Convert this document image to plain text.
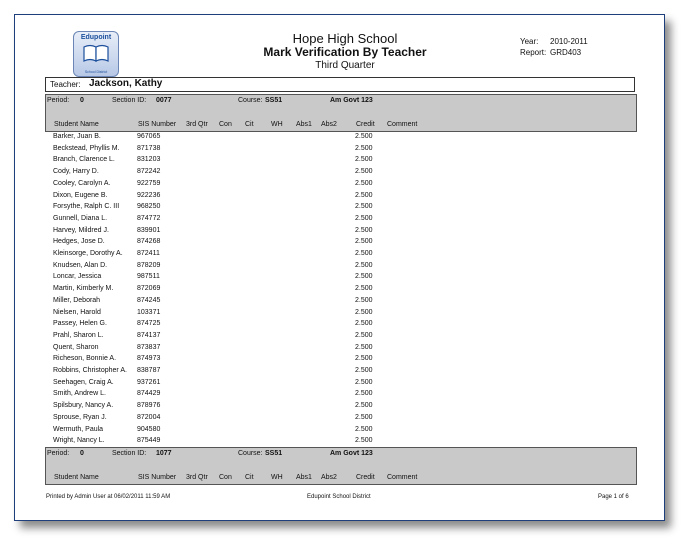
Edupoint
School District
Hope High School
Mark Verification By Teacher
Third Quarter
Year: 2010-2011
Report: GRD403
Teacher: Jackson, Kathy
Period: 0	Section ID: 0077	Course: SS51	Am Govt 123
Student Name	SIS Number 3rd Qtr Con Cit WH Abs1 Abs2	Credit Comment
Barker, Juan B.	967065	2.500
Beckstead, Phyllis M. 871738	2.500
Branch, Clarence L.	831203	2.500
Cody, Harry D.	872242	2.500
Cooley, Carolyn A.	922759	2.500
Dixon, Eugene B.	922236	2.500
Forsythe, Ralph C. III	968250	2.500
Gunnell, Diana L.	874772	2.500
Harvey, Mildred J.	839901	2.500
Hedges, Jose D.	874268	2.500
Kleinsorge, Dorothy A. 872411	2.500
Knudsen, Alan D.	878209	2.500
Loncar, Jessica	987511	2.500
Martin, Kimberly M.	872069	2.500
Miller, Deborah	874245	2.500
Nielsen, Harold	103371	2.500
Passey, Helen G.	874725	2.500
Prahl, Sharon L.	874137	2.500
Quent, Sharon	873837	2.500
Richeson, Bonnie A.	874973	2.500
Robbins, Christopher A. 838787	2.500
Seehagen, Craig A.	937261	2.500
Smith, Andrew L.	874429	2.500
Spilsbury, Nancy A.	878976	2.500
Sprouse, Ryan J.	872004	2.500
Wermuth, Paula	904580	2.500
Wright, Nancy L.	875449	2.500
Period: 0	Section ID: 1077	Course: SS51	Am Govt 123
Student Name	SIS Number 3rd Qtr Con Cit WH Abs1 Abs2	Credit Comment
Printed by Admin User at 06/02/2011 11:59 AM	Edupoint School District	Page 1 of 6
